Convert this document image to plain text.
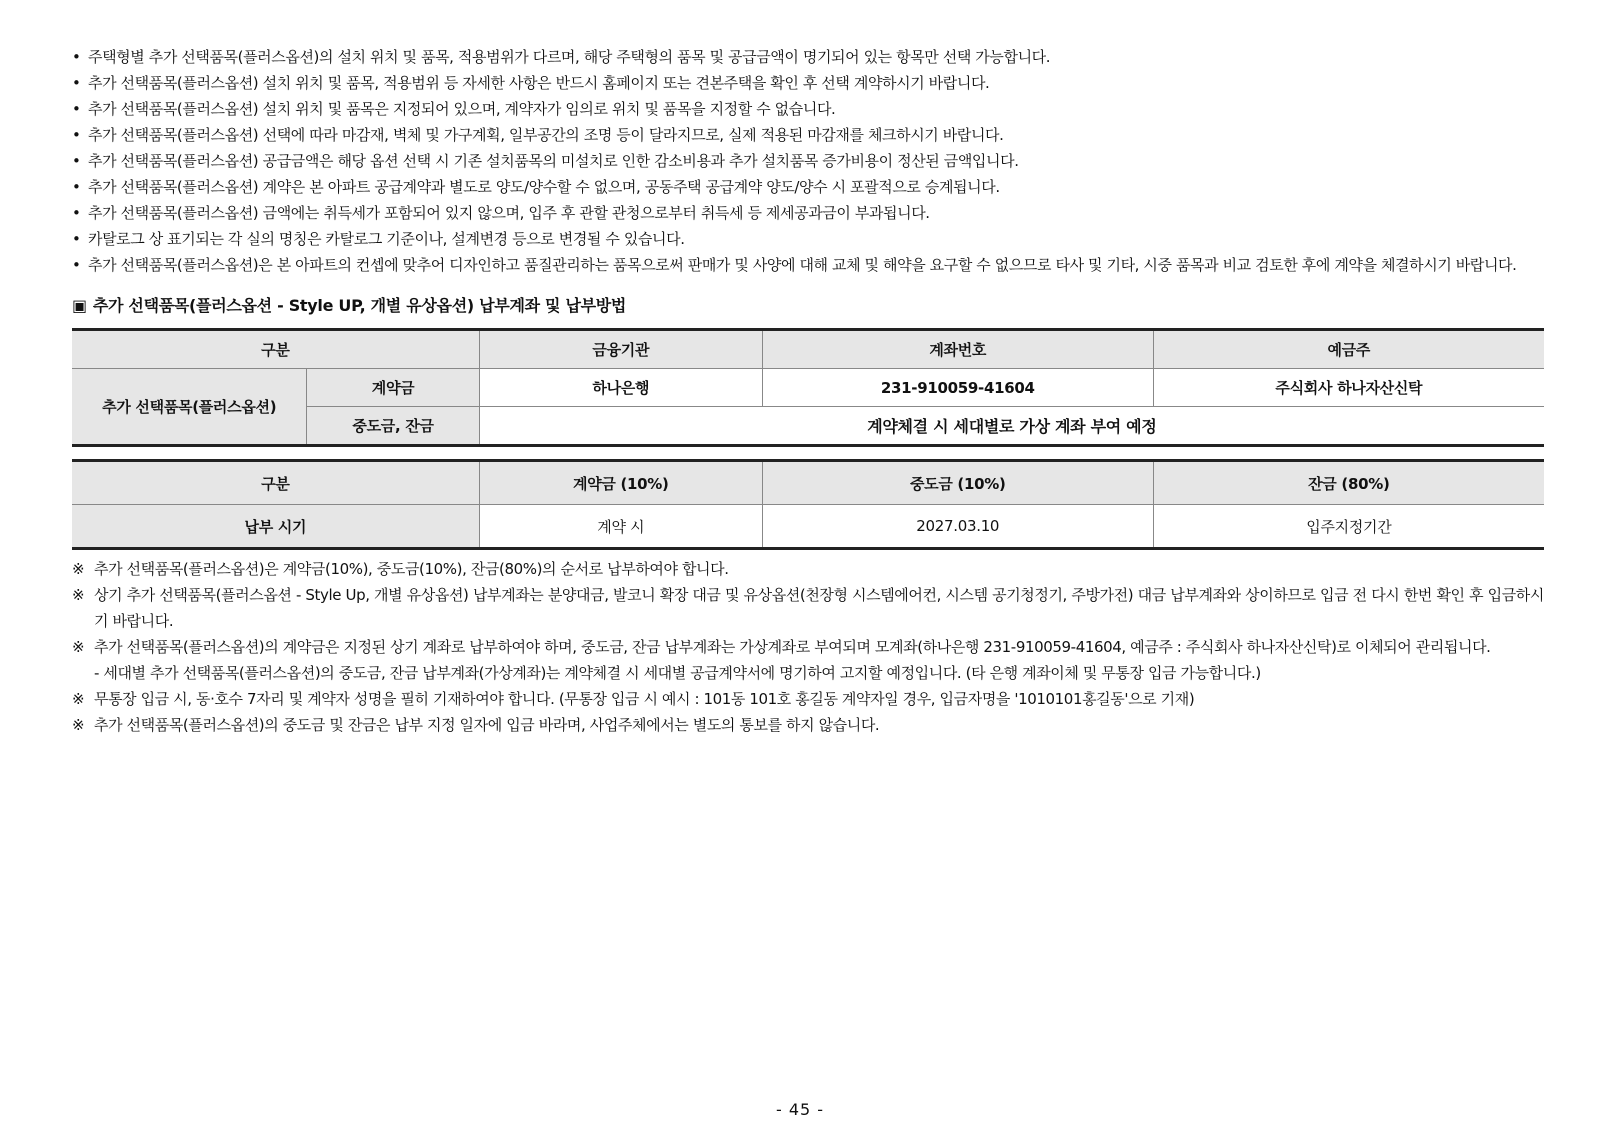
• 주택형별 추가 선택품목(플러스옵션)의 설치 위치 및 품목, 적용범위가 다르며, 해당 주택형의 품목 및 공급금액이 명기되어 있는 항목만 선택 가능합니다.
• 추가 선택품목(플러스옵션) 설치 위치 및 품목, 적용범위 등 자세한 사항은 반드시 홈페이지 또는 견본주택을 확인 후 선택 계약하시기 바랍니다.
• 추가 선택품목(플러스옵션) 설치 위치 및 품목은 지정되어 있으며, 계약자가 임의로 위치 및 품목을 지정할 수 없습니다.
• 추가 선택품목(플러스옵션) 선택에 따라 마감재, 벽체 및 가구계획, 일부공간의 조명 등이 달라지므로, 실제 적용된 마감재를 체크하시기 바랍니다.
• 추가 선택품목(플러스옵션) 공급금액은 해당 옵션 선택 시 기존 설치품목의 미설치로 인한 감소비용과 추가 설치품목 증가비용이 정산된 금액입니다.
• 추가 선택품목(플러스옵션) 계약은 본 아파트 공급계약과 별도로 양도/양수할 수 없으며, 공동주택 공급계약 양도/양수 시 포괄적으로 승계됩니다.
• 추가 선택품목(플러스옵션) 금액에는 취득세가 포함되어 있지 않으며, 입주 후 관할 관청으로부터 취득세 등 제세공과금이 부과됩니다.
• 카탈로그 상 표기되는 각 실의 명칭은 카탈로그 기준이나, 설계변경 등으로 변경될 수 있습니다.
• 추가 선택품목(플러스옵션)은 본 아파트의 컨셉에 맞추어 디자인하고 품질관리하는 품목으로써 판매가 및 사양에 대해 교체 및 해약을 요구할 수 없으므로 타사 및 기타, 시중 품목과 비교 검토한 후에 계약을 체결하시기 바랍니다.
▣ 추가 선택품목(플러스옵션 - Style UP, 개별 유상옵션) 납부계좌 및 납부방법
구분		금융기관	계좌번호	예금주
추가 선택품목(플러스옵션)	계약금	하나은행	231-910059-41604	주식회사 하나자산신탁
	중도금, 잔금	계약체결 시 세대별로 가상 계좌 부여 예정		
구분	계약금 (10%)	중도금 (10%)	잔금 (80%)
납부 시기	계약 시	2027.03.10	입주지정기간
※ 추가 선택품목(플러스옵션)은 계약금(10%), 중도금(10%), 잔금(80%)의 순서로 납부하여야 합니다.
※ 상기 추가 선택품목(플러스옵션 - Style Up, 개별 유상옵션) 납부계좌는 분양대금, 발코니 확장 대금 및 유상옵션(천장형 시스템에어컨, 시스템 공기청정기, 주방가전) 대금 납부계좌와 상이하므로 입금 전 다시 한번 확인 후 입금하시기 바랍니다.
※ 추가 선택품목(플러스옵션)의 계약금은 지정된 상기 계좌로 납부하여야 하며, 중도금, 잔금 납부계좌는 가상계좌로 부여되며 모계좌(하나은행 231-910059-41604, 예금주 : 주식회사 하나자산신탁)로 이체되어 관리됩니다.
- 세대별 추가 선택품목(플러스옵션)의 중도금, 잔금 납부계좌(가상계좌)는 계약체결 시 세대별 공급계약서에 명기하여 고지할 예정입니다. (타 은행 계좌이체 및 무통장 입금 가능합니다.)
※ 무통장 입금 시, 동·호수 7자리 및 계약자 성명을 필히 기재하여야 합니다. (무통장 입금 시 예시 : 101동 101호 홍길동 계약자일 경우, 입금자명을 '1010101홍길동'으로 기재)
※ 추가 선택품목(플러스옵션)의 중도금 및 잔금은 납부 지정 일자에 입금 바라며, 사업주체에서는 별도의 통보를 하지 않습니다.
- 45 -
